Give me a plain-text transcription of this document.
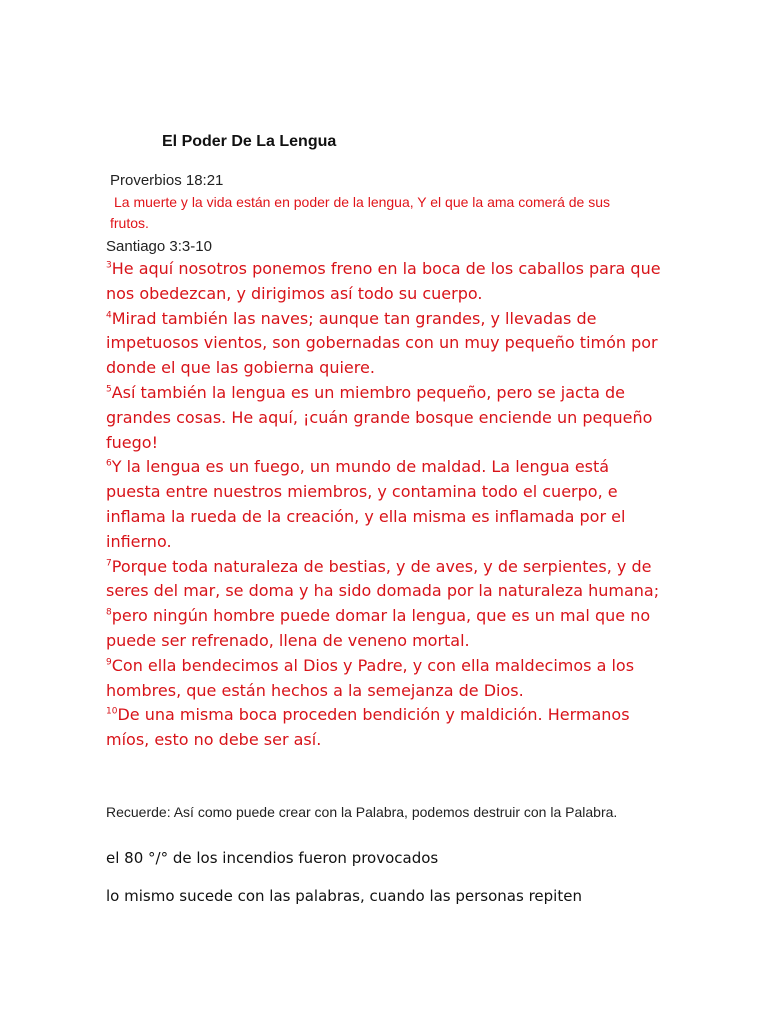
El Poder De La Lengua
Proverbios 18:21
La muerte y la vida están en poder de la lengua, Y el que la ama comerá de sus frutos.
Santiago 3:3-10
$^3$He aquí nosotros ponemos freno en la boca de los caballos para que nos obedezcan, y dirigimos así todo su cuerpo.
$^4$Mirad también las naves; aunque tan grandes, y llevadas de impetuosos vientos, son gobernadas con un muy pequeño timón por donde el que las gobierna quiere.
$^5$Así también la lengua es un miembro pequeño, pero se jacta de grandes cosas. He aquí, ¡cuán grande bosque enciende un pequeño fuego!
$^6$Y la lengua es un fuego, un mundo de maldad. La lengua está puesta entre nuestros miembros, y contamina todo el cuerpo, e inflama la rueda de la creación, y ella misma es inflamada por el infierno.
$^7$Porque toda naturaleza de bestias, y de aves, y de serpientes, y de seres del mar, se doma y ha sido domada por la naturaleza humana;
$^8$pero ningún hombre puede domar la lengua, que es un mal que no puede ser refrenado, llena de veneno mortal.
$^9$Con ella bendecimos al Dios y Padre, y con ella maldecimos a los hombres, que están hechos a la semejanza de Dios.
$^{10}$De una misma boca proceden bendición y maldición. Hermanos míos, esto no debe ser así.
Recuerde: Así como puede crear con la Palabra, podemos destruir con la Palabra.
el 80 °/° de los incendios fueron provocados
lo mismo sucede con las palabras, cuando las personas repiten
